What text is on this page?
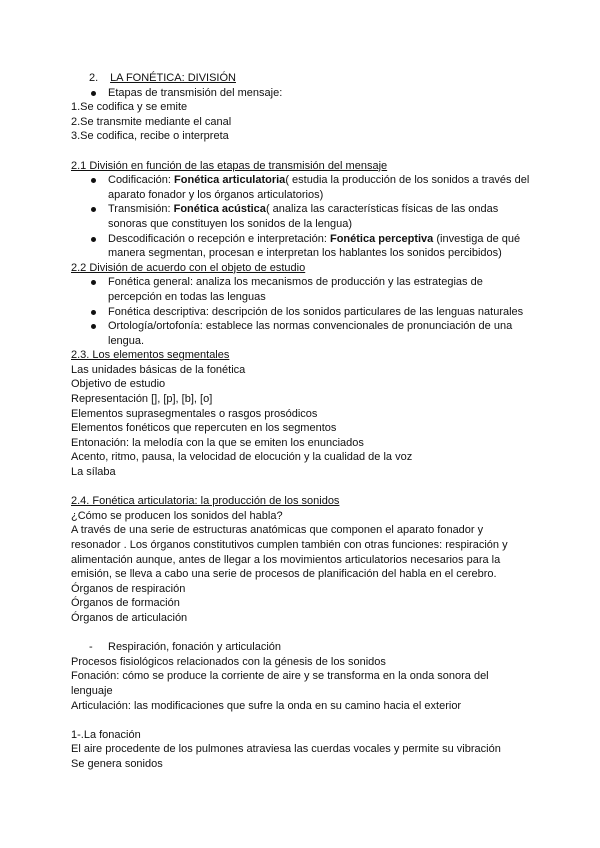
2. LA FONÉTICA: DIVISIÓN
Etapas de transmisión del mensaje:
1.Se codifica y se emite
2.Se transmite mediante el canal
3.Se codifica, recibe o interpreta
2.1 División en función de las etapas de transmisión del mensaje
Codificación: Fonética articulatoria( estudia la producción de los sonidos a través del aparato fonador y los órganos articulatorios)
Transmisión: Fonética acústica( analiza las características físicas de las ondas sonoras que constituyen los sonidos de la lengua)
Descodificación o recepción e interpretación: Fonética perceptiva (investiga de qué manera segmentan, procesan e interpretan los hablantes los sonidos percibidos)
2.2 División de acuerdo con el objeto de estudio
Fonética general: analiza los mecanismos de producción y las estrategias de percepción en todas las lenguas
Fonética descriptiva: descripción de los sonidos particulares de las lenguas naturales
Ortología/ortofonía: establece las normas convencionales de pronunciación de una lengua.
2.3. Los elementos segmentales
Las unidades básicas de la fonética
Objetivo de estudio
Representación [], [p], [b], [o]
Elementos suprasegmentales o rasgos prosódicos
Elementos fonéticos que repercuten en los segmentos
Entonación: la melodía con la que se emiten los enunciados
Acento, ritmo, pausa, la velocidad de elocución y la cualidad de la voz
La sílaba
2.4. Fonética articulatoria: la producción de los sonidos
¿Cómo se producen los sonidos del habla?
A través de una serie de estructuras anatómicas que componen el aparato fonador y
resonador . Los órganos constitutivos cumplen también con otras funciones: respiración y
alimentación aunque, antes de llegar a los movimientos articulatorios necesarios para la
emisión, se lleva a cabo una serie de procesos de planificación del habla en el cerebro.
Órganos de respiración
Órganos de formación
Órganos de articulación
- Respiración, fonación y articulación
Procesos fisiológicos relacionados con la génesis de los sonidos
Fonación: cómo se produce la corriente de aire y se transforma en la onda sonora del
lenguaje
Articulación: las modificaciones que sufre la onda en su camino hacia el exterior
1-.La fonación
El aire procedente de los pulmones atraviesa las cuerdas vocales y permite su vibración
Se genera sonidos
